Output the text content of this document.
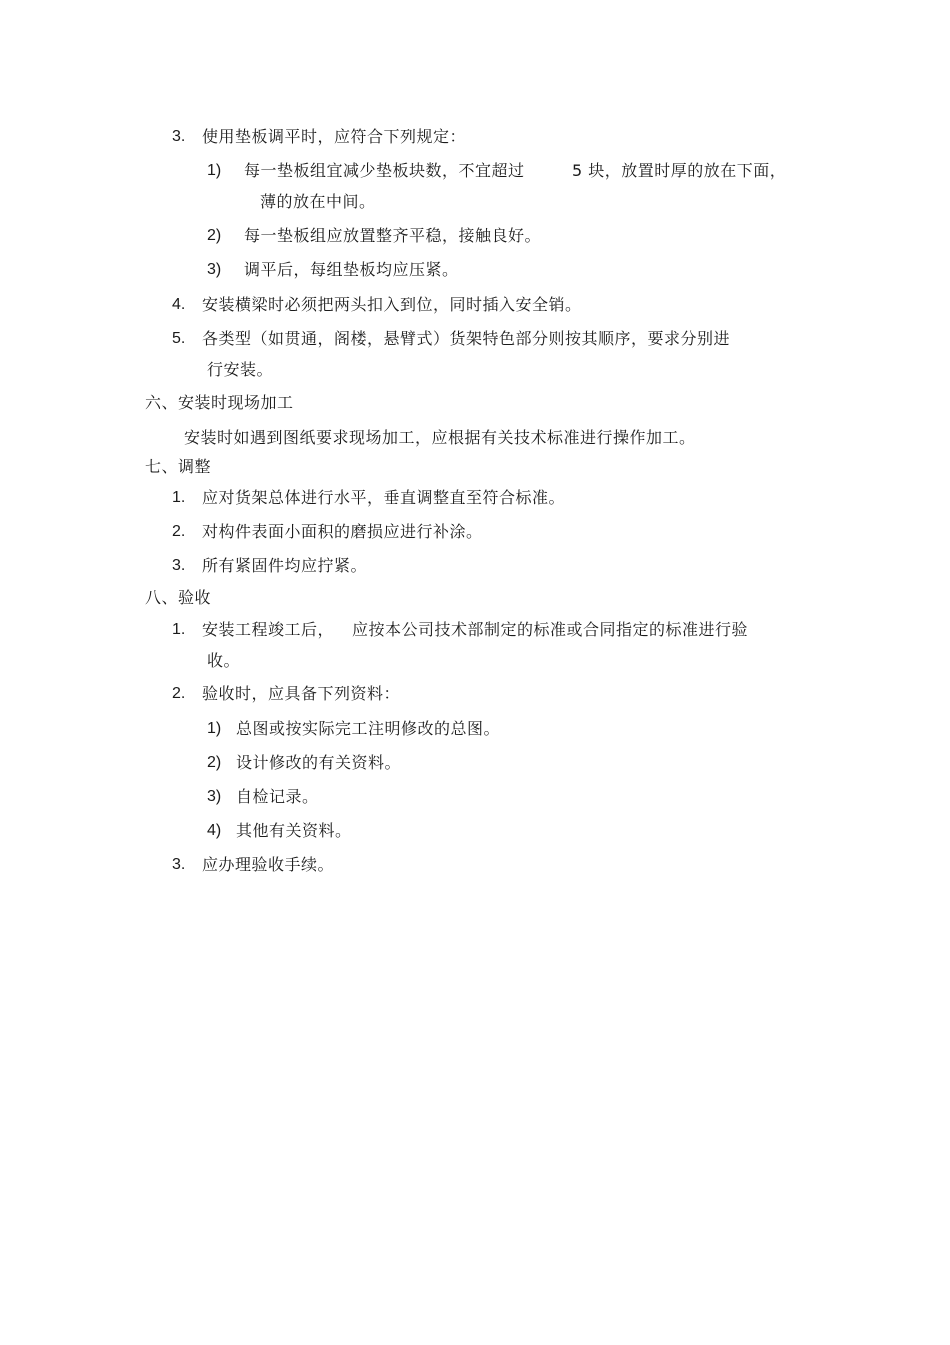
3. 使用垫板调平时，应符合下列规定：
1) 每一垫板组宜减少垫板块数，不宜超过	5 块，放置时厚的放在下面，
薄的放在中间。
2) 每一垫板组应放置整齐平稳，接触良好。
3) 调平后，每组垫板均应压紧。
4. 安装横梁时必须把两头扣入到位，同时插入安全销。
5. 各类型（如贯通，阁楼，悬臂式）货架特色部分则按其顺序，要求分别进
行安装。
六、安装时现场加工
安装时如遇到图纸要求现场加工，应根据有关技术标准进行操作加工。
七、调整
1. 应对货架总体进行水平，垂直调整直至符合标准。
2. 对构件表面小面积的磨损应进行补涂。
3. 所有紧固件均应拧紧。
八、验收
1. 安装工程竣工后， 应按本公司技术部制定的标准或合同指定的标准进行验
收。
2. 验收时，应具备下列资料：
1) 总图或按实际完工注明修改的总图。
2) 设计修改的有关资料。
3) 自检记录。
4) 其他有关资料。
3. 应办理验收手续。
